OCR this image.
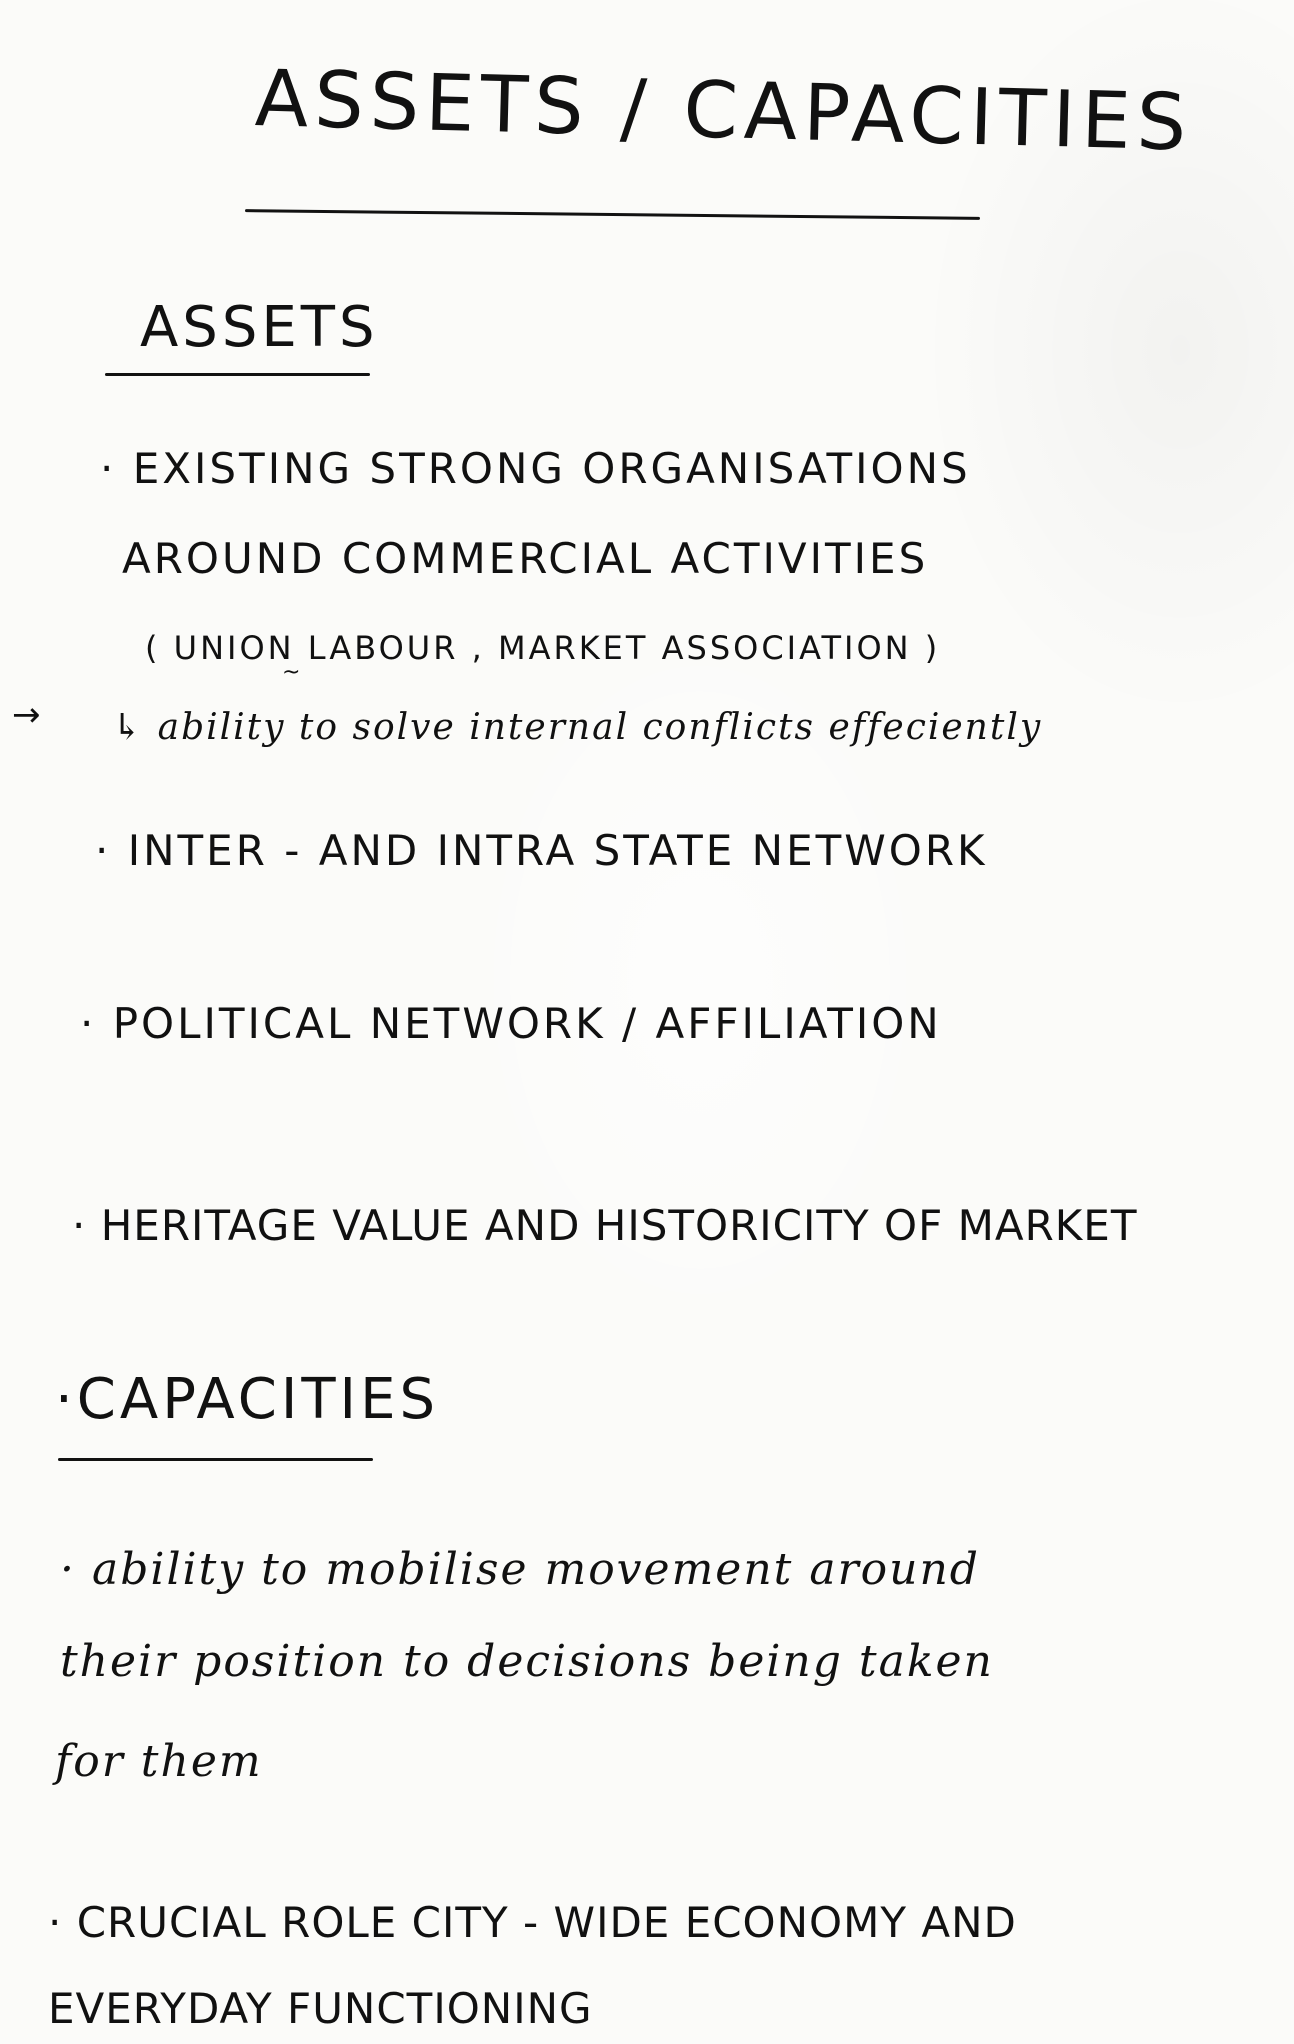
ASSETS / CAPACITIES
ASSETS
· EXISTING STRONG ORGANISATIONS
AROUND COMMERCIAL ACTIVITIES
( UNION LABOUR , MARKET ASSOCIATION )
~
→ ↳ ability to solve internal conflicts effeciently
· INTER - AND INTRA STATE NETWORK
· POLITICAL NETWORK / AFFILIATION
· HERITAGE VALUE AND HISTORICITY OF MARKET
·CAPACITIES
· ability to mobilise movement around
their position to decisions being taken
for them
· CRUCIAL ROLE CITY - WIDE ECONOMY AND
EVERYDAY FUNCTIONING
